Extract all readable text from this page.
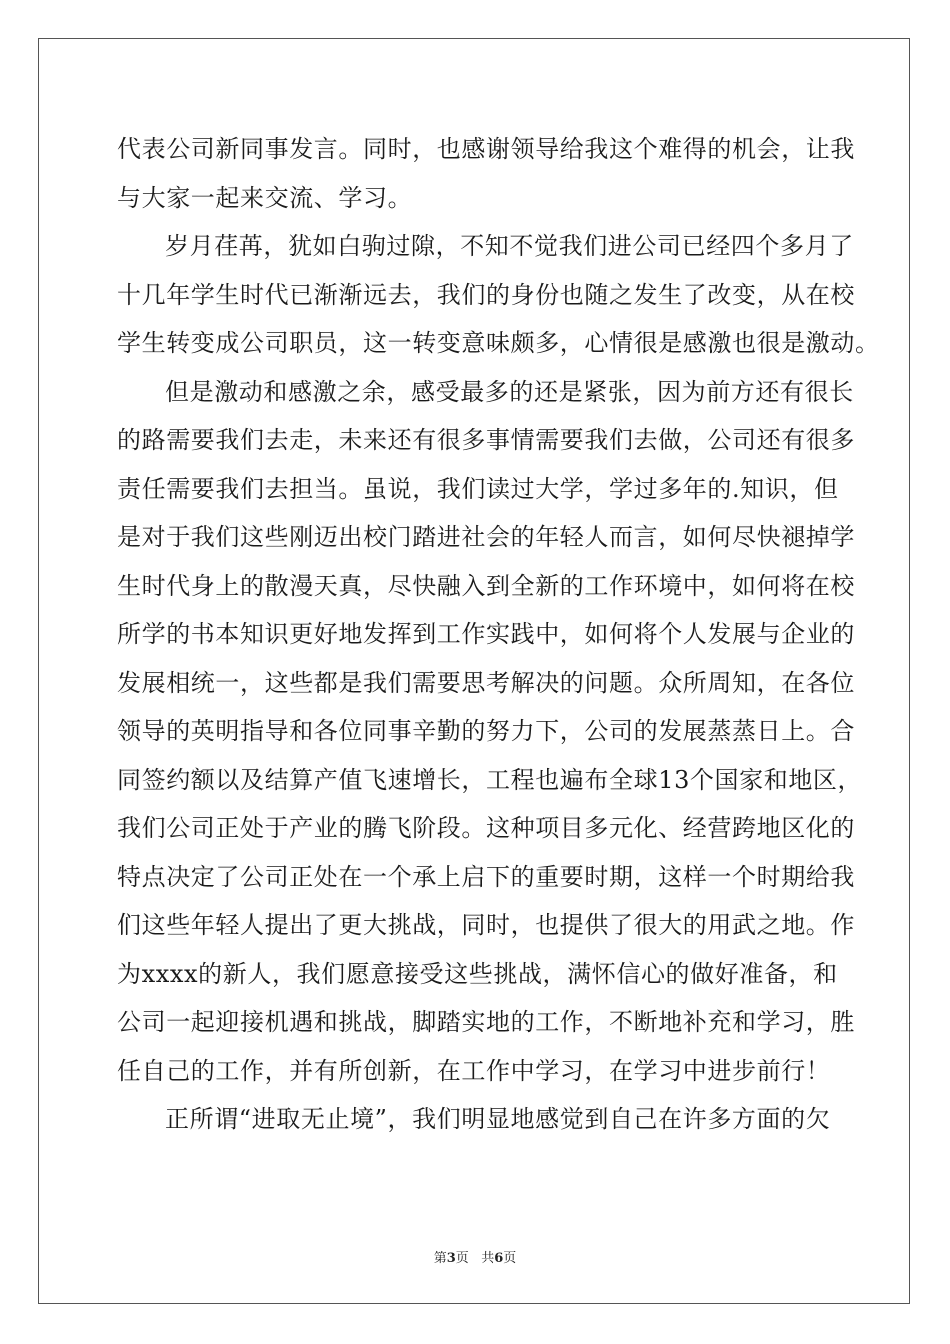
代表公司新同事发言。同时，也感谢领导给我这个难得的机会，让我
与大家一起来交流、学习。
岁月荏苒，犹如白驹过隙，不知不觉我们进公司已经四个多月了
十几年学生时代已渐渐远去，我们的身份也随之发生了改变，从在校
学生转变成公司职员，这一转变意味颇多，心情很是感激也很是激动。
但是激动和感激之余，感受最多的还是紧张，因为前方还有很长
的路需要我们去走，未来还有很多事情需要我们去做，公司还有很多
责任需要我们去担当。虽说，我们读过大学，学过多年的.知识，但
是对于我们这些刚迈出校门踏进社会的年轻人而言，如何尽快褪掉学
生时代身上的散漫天真，尽快融入到全新的工作环境中，如何将在校
所学的书本知识更好地发挥到工作实践中，如何将个人发展与企业的
发展相统一，这些都是我们需要思考解决的问题。众所周知，在各位
领导的英明指导和各位同事辛勤的努力下，公司的发展蒸蒸日上。合
同签约额以及结算产值飞速增长，工程也遍布全球13个国家和地区，
我们公司正处于产业的腾飞阶段。这种项目多元化、经营跨地区化的
特点决定了公司正处在一个承上启下的重要时期，这样一个时期给我
们这些年轻人提出了更大挑战，同时，也提供了很大的用武之地。作
为xxxx的新人，我们愿意接受这些挑战，满怀信心的做好准备，和
公司一起迎接机遇和挑战，脚踏实地的工作，不断地补充和学习，胜
任自己的工作，并有所创新，在工作中学习，在学习中进步前行！
正所谓“进取无止境”，我们明显地感觉到自己在许多方面的欠
第3页 共6页
